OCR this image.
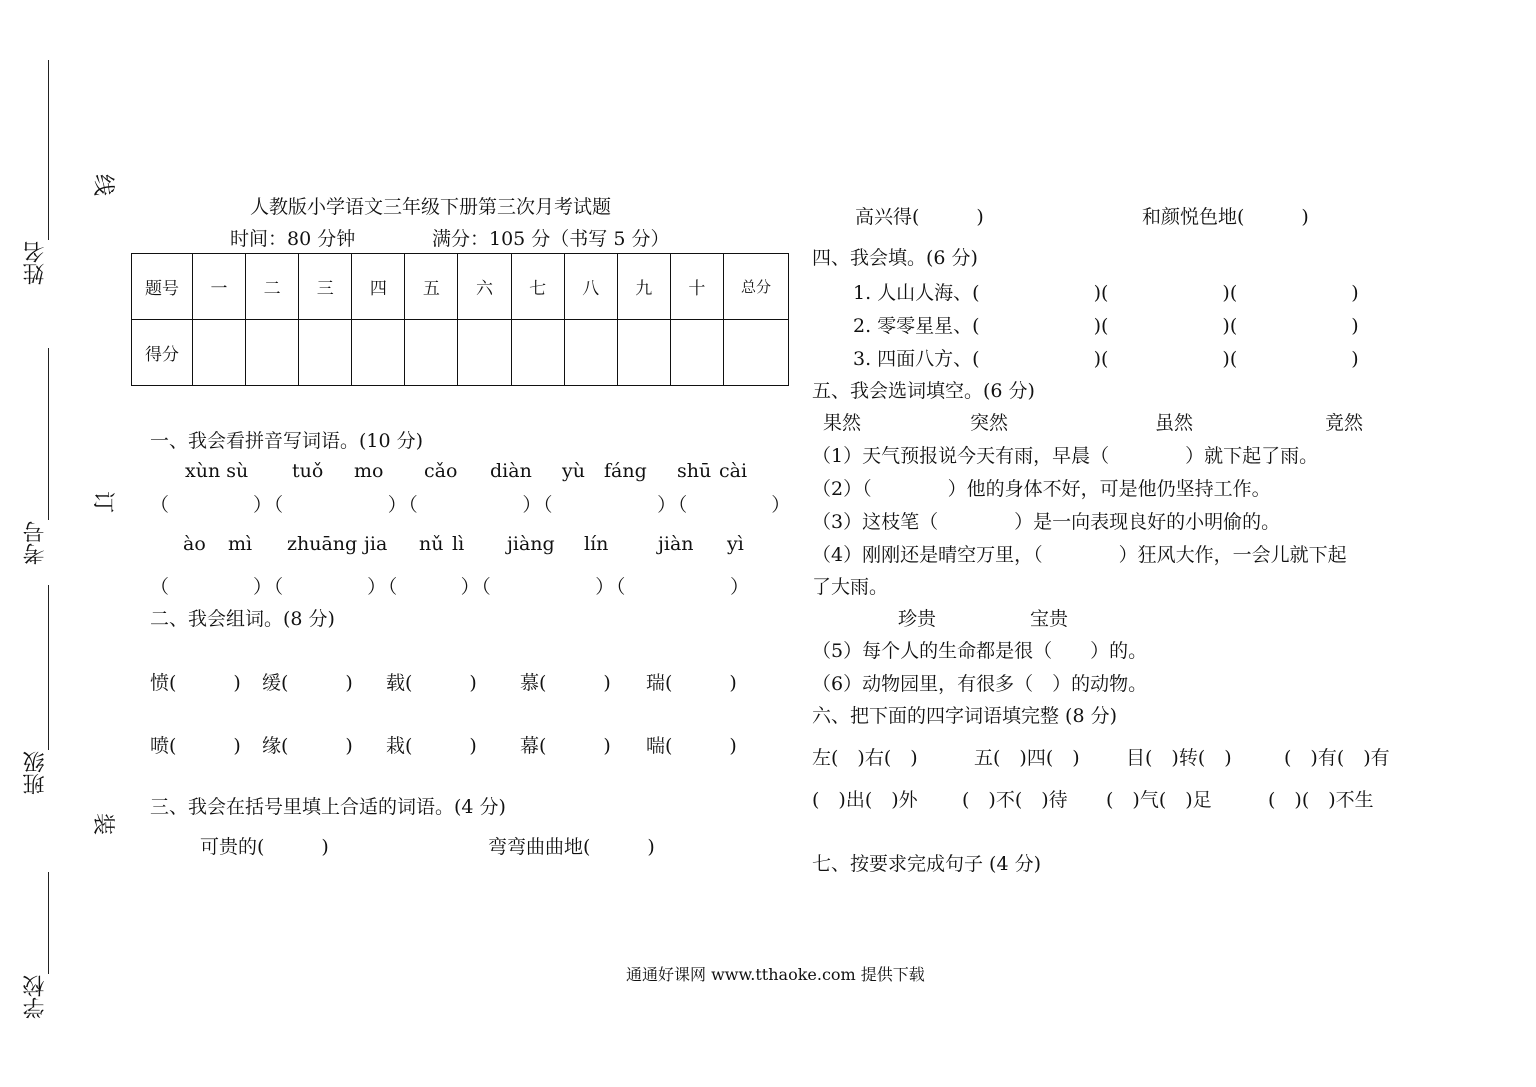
姓名
考号
班级
学校
线
订
装
人教版小学语文三年级下册第三次月考试题
时间：80 分钟	满分：105 分（书写 5 分）
题号	一	二	三	四	五	六	七	八	九	十	总分
得分											
一、我会看拼音写词语。(10 分)
xùn sù tuǒ mo cǎo diàn yù fáng shū cài
（　　　　）（　　　　　）（　　　　　）（　　　　　）（　　　　）
ào mì zhuāng jia nǔ lì jiàng lín	jiàn yì
（　　　　）（　　　　）（　　　）（　　　　　）（　　　　　）
二、我会组词。(8 分)
愤(　　　) 缓(　　　) 载(　　　) 慕(　　　) 瑞(　　　)
喷(　　　) 缘(　　　) 栽(　　　) 幕(　　　) 喘(　　　)
三、我会在括号里填上合适的词语。(4 分)
可贵的(　　　)	弯弯曲曲地(　　　)
高兴得(　　　)	和颜悦色地(　　　)
四、我会填。(6 分)
1. 人山人海、(　　　　　　)(　　　　　　)(　　　　　　)
2. 零零星星、(　　　　　　)(　　　　　　)(　　　　　　)
3. 四面八方、(　　　　　　)(　　　　　　)(　　　　　　)
五、我会选词填空。(6 分)
果然	突然	虽然	竟然
（1）天气预报说今天有雨，早晨（　　　　）就下起了雨。
（2）（　　　　）他的身体不好，可是他仍坚持工作。
（3）这枝笔（　　　　）是一向表现良好的小明偷的。
（4）刚刚还是晴空万里，（　　　　）狂风大作，一会儿就下起
了大雨。
珍贵	宝贵
（5）每个人的生命都是很（　　）的。
（6）动物园里，有很多（　）的动物。
六、把下面的四字词语填完整 (8 分)
左(　)右(　)	五(　)四(　) 目(　)转(　)	(　)有(　)有
(　)出(　)外 (　)不(　)待 (　)气(　)足	(　)(　)不生
七、按要求完成句子 (4 分)
通通好课网 www.tthaoke.com 提供下载
